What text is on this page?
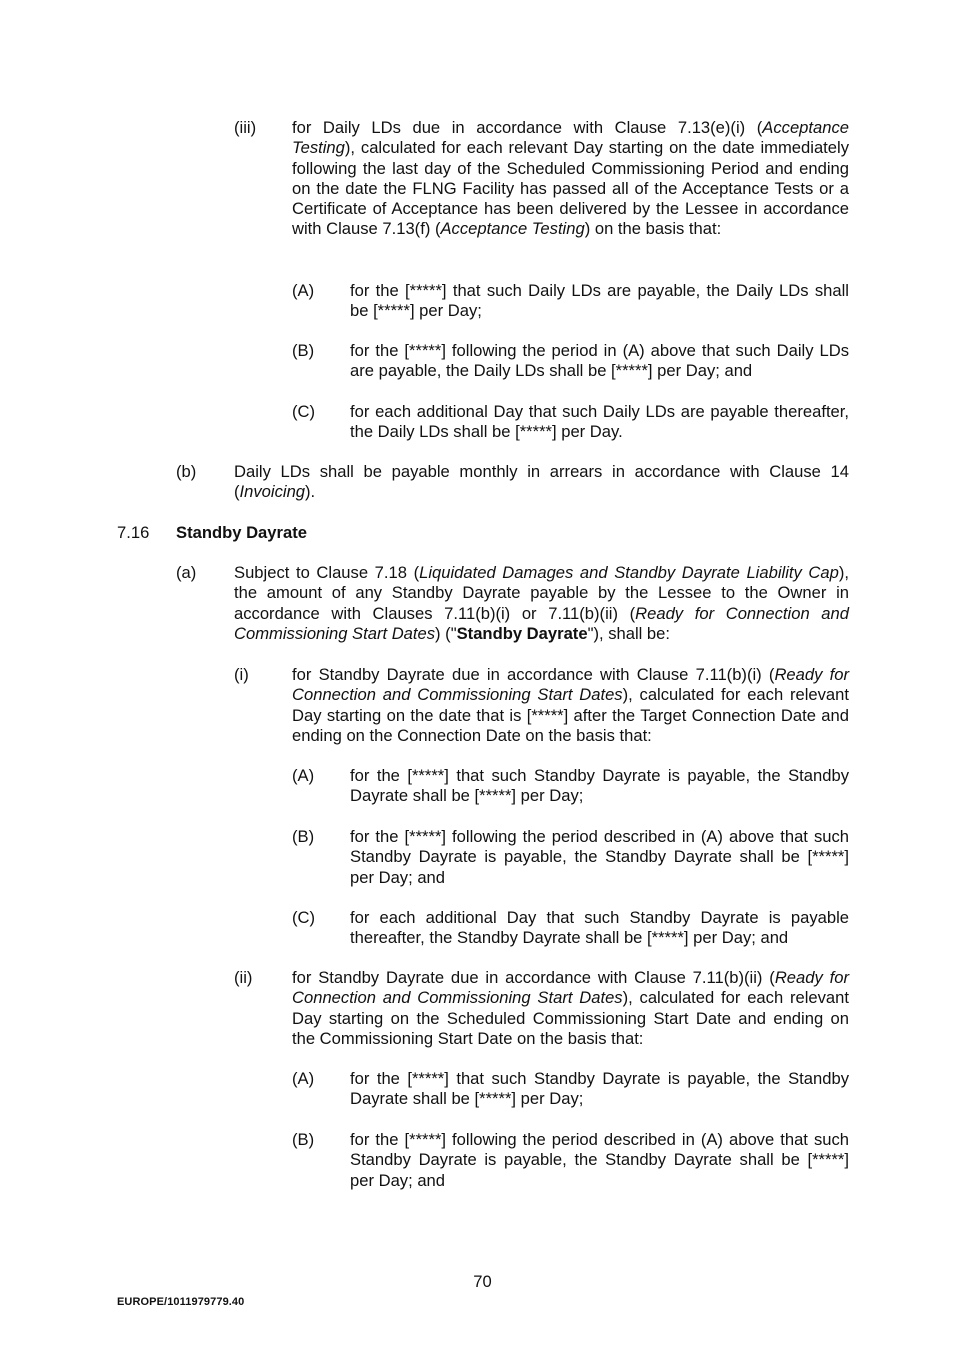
(iii) for Daily LDs due in accordance with Clause 7.13(e)(i) (Acceptance Testing), calculated for each relevant Day starting on the date immediately following the last day of the Scheduled Commissioning Period and ending on the date the FLNG Facility has passed all of the Acceptance Tests or a Certificate of Acceptance has been delivered by the Lessee in accordance with Clause 7.13(f) (Acceptance Testing) on the basis that:
(A) for the [*****] that such Daily LDs are payable, the Daily LDs shall be [*****] per Day;
(B) for the [*****] following the period in (A) above that such Daily LDs are payable, the Daily LDs shall be [*****] per Day; and
(C) for each additional Day that such Daily LDs are payable thereafter, the Daily LDs shall be [*****] per Day.
(b) Daily LDs shall be payable monthly in arrears in accordance with Clause 14 (Invoicing).
7.16 Standby Dayrate
(a) Subject to Clause 7.18 (Liquidated Damages and Standby Dayrate Liability Cap), the amount of any Standby Dayrate payable by the Lessee to the Owner in accordance with Clauses 7.11(b)(i) or 7.11(b)(ii) (Ready for Connection and Commissioning Start Dates) ("Standby Dayrate"), shall be:
(i)	for Standby Dayrate due in accordance with Clause 7.11(b)(i) (Ready for Connection and Commissioning Start Dates), calculated for each relevant Day starting on the date that is [*****] after the Target Connection Date and ending on the Connection Date on the basis that:
(A) for the [*****] that such Standby Dayrate is payable, the Standby Dayrate shall be [*****] per Day;
(B) for the [*****] following the period described in (A) above that such Standby Dayrate is payable, the Standby Dayrate shall be [*****] per Day; and
(C) for each additional Day that such Standby Dayrate is payable thereafter, the Standby Dayrate shall be [*****] per Day; and
(ii) for Standby Dayrate due in accordance with Clause 7.11(b)(ii) (Ready for Connection and Commissioning Start Dates), calculated for each relevant Day starting on the Scheduled Commissioning Start Date and ending on the Commissioning Start Date on the basis that:
(A) for the [*****] that such Standby Dayrate is payable, the Standby Dayrate shall be [*****] per Day;
(B) for the [*****] following the period described in (A) above that such Standby Dayrate is payable, the Standby Dayrate shall be [*****] per Day; and
70
EUROPE/1011979779.40
